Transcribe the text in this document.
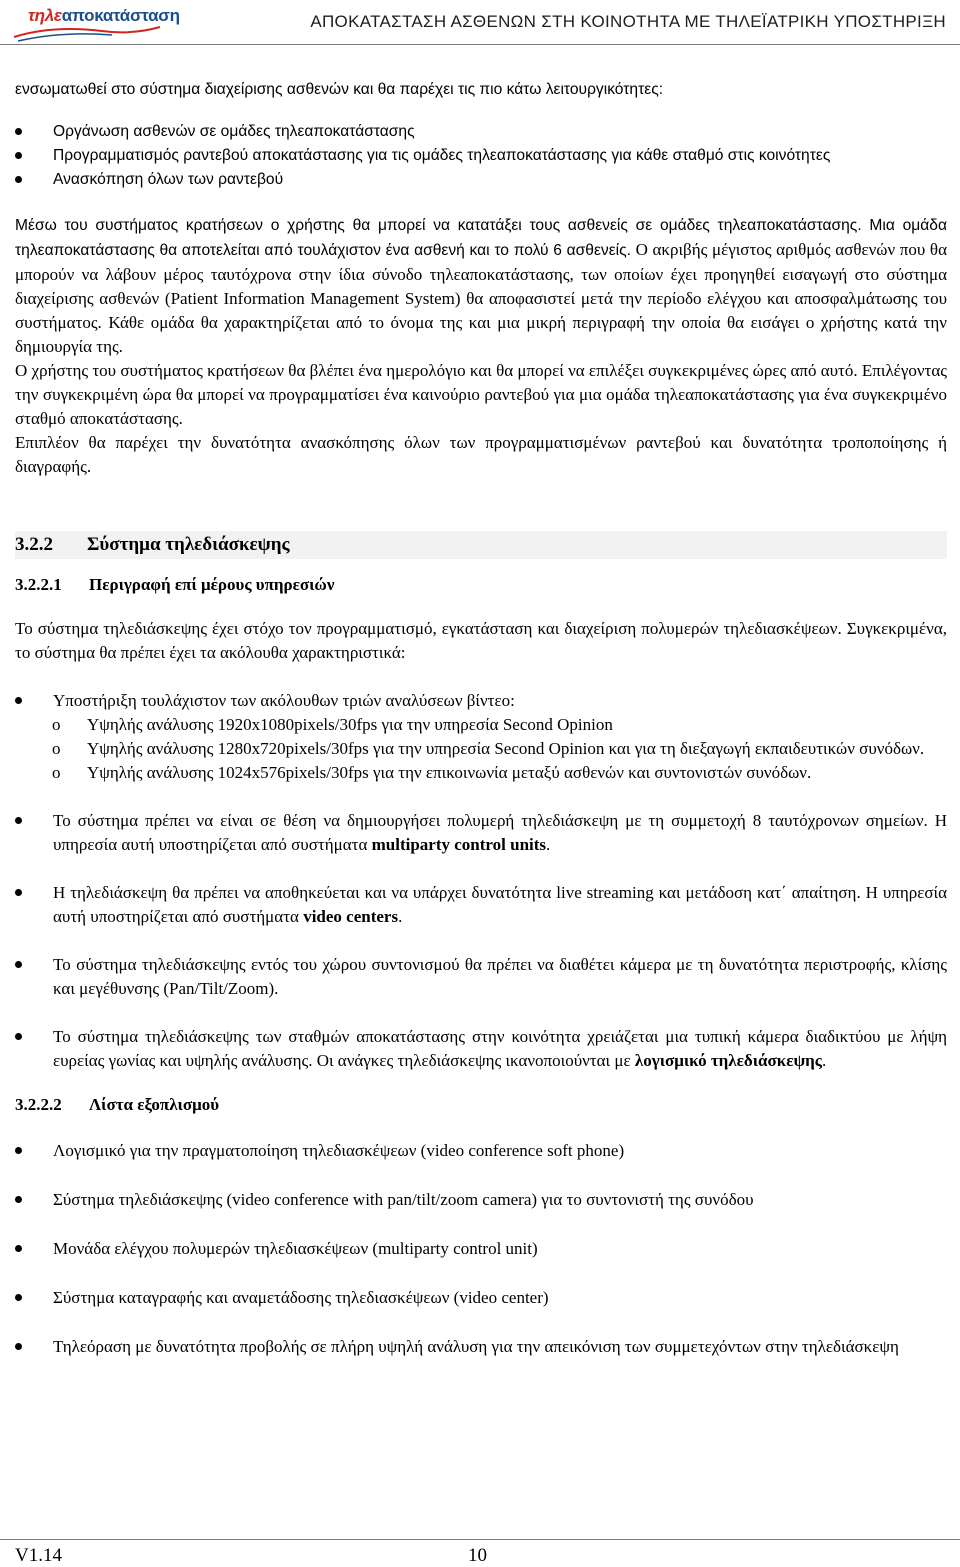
τηλεαποκατάσταση	ΑΠΟΚΑΤΑΣΤΑΣΗ ΑΣΘΕΝΩΝ ΣΤΗ ΚΟΙΝΟΤΗΤΑ ΜΕ ΤΗΛΕΪΑΤΡΙΚΗ ΥΠΟΣΤΗΡΙΞΗ

ενσωματωθεί στο σύστημα διαχείρισης ασθενών και θα παρέχει τις πιο κάτω λειτουργικότητες:

Οργάνωση ασθενών σε ομάδες τηλεαποκατάστασης
Προγραμματισμός ραντεβού αποκατάστασης για τις ομάδες τηλεαποκατάστασης για κάθε σταθμό στις κοινότητες
Ανασκόπηση όλων των ραντεβού

Μέσω του συστήματος κρατήσεων ο χρήστης θα μπορεί να κατατάξει τους ασθενείς σε ομάδες τηλεαποκατάστασης. Μια ομάδα τηλεαποκατάστασης θα αποτελείται από τουλάχιστον ένα ασθενή και το πολύ 6 ασθενείς. Ο ακριβής μέγιστος αριθμός ασθενών που θα μπορούν να λάβουν μέρος ταυτόχρονα στην ίδια σύνοδο τηλεαποκατάστασης, των οποίων έχει προηγηθεί εισαγωγή στο σύστημα διαχείρισης ασθενών (Patient Information Management System) θα αποφασιστεί μετά την περίοδο ελέγχου και αποσφαλμάτωσης του συστήματος. Κάθε ομάδα θα χαρακτηρίζεται από το όνομα της και μια μικρή περιγραφή την οποία θα εισάγει ο χρήστης κατά την δημιουργία της.

Ο χρήστης του συστήματος κρατήσεων θα βλέπει ένα ημερολόγιο και θα μπορεί να επιλέξει συγκεκριμένες ώρες από αυτό. Επιλέγοντας την συγκεκριμένη ώρα θα μπορεί να προγραμματίσει ένα καινούριο ραντεβού για μια ομάδα τηλεαποκατάστασης για ένα συγκεκριμένο σταθμό αποκατάστασης.

Επιπλέον θα παρέχει την δυνατότητα ανασκόπησης όλων των προγραμματισμένων ραντεβού και δυνατότητα τροποποίησης ή διαγραφής.

3.2.2 Σύστημα τηλεδιάσκεψης
3.2.2.1 Περιγραφή επί μέρους υπηρεσιών

Το σύστημα τηλεδιάσκεψης έχει στόχο τον προγραμματισμό, εγκατάσταση και διαχείριση πολυμερών τηλεδιασκέψεων. Συγκεκριμένα, το σύστημα θα πρέπει έχει τα ακόλουθα χαρακτηριστικά:

Υποστήριξη τουλάχιστον των ακόλουθων τριών αναλύσεων βίντεο:
o Υψηλής ανάλυσης 1920x1080pixels/30fps για την υπηρεσία Second Opinion
o Υψηλής ανάλυσης 1280x720pixels/30fps για την υπηρεσία Second Opinion και για τη διεξαγωγή εκπαιδευτικών συνόδων.
o Υψηλής ανάλυσης 1024x576pixels/30fps για την επικοινωνία μεταξύ ασθενών και συντονιστών συνόδων.
Το σύστημα πρέπει να είναι σε θέση να δημιουργήσει πολυμερή τηλεδιάσκεψη με τη συμμετοχή 8 ταυτόχρονων σημείων. Η υπηρεσία αυτή υποστηρίζεται από συστήματα multiparty control units.
Η τηλεδιάσκεψη θα πρέπει να αποθηκεύεται και να υπάρχει δυνατότητα live streaming και μετάδοση κατ΄ απαίτηση. Η υπηρεσία αυτή υποστηρίζεται από συστήματα video centers.
Το σύστημα τηλεδιάσκεψης εντός του χώρου συντονισμού θα πρέπει να διαθέτει κάμερα με τη δυνατότητα περιστροφής, κλίσης και μεγέθυνσης (Pan/Tilt/Zoom).
Το σύστημα τηλεδιάσκεψης των σταθμών αποκατάστασης στην κοινότητα χρειάζεται μια τυπική κάμερα διαδικτύου με λήψη ευρείας γωνίας και υψηλής ανάλυσης. Οι ανάγκες τηλεδιάσκεψης ικανοποιούνται με λογισμικό τηλεδιάσκεψης.
3.2.2.2 Λίστα εξοπλισμού
Λογισμικό για την πραγματοποίηση τηλεδιασκέψεων (video conference soft phone)
Σύστημα τηλεδιάσκεψης (video conference with pan/tilt/zoom camera) για το συντονιστή της συνόδου
Μονάδα ελέγχου πολυμερών τηλεδιασκέψεων (multiparty control unit)
Σύστημα καταγραφής και αναμετάδοσης τηλεδιασκέψεων (video center)
Τηλεόραση με δυνατότητα προβολής σε πλήρη υψηλή ανάλυση για την απεικόνιση των συμμετεχόντων στην τηλεδιάσκεψη
V1.14	10
